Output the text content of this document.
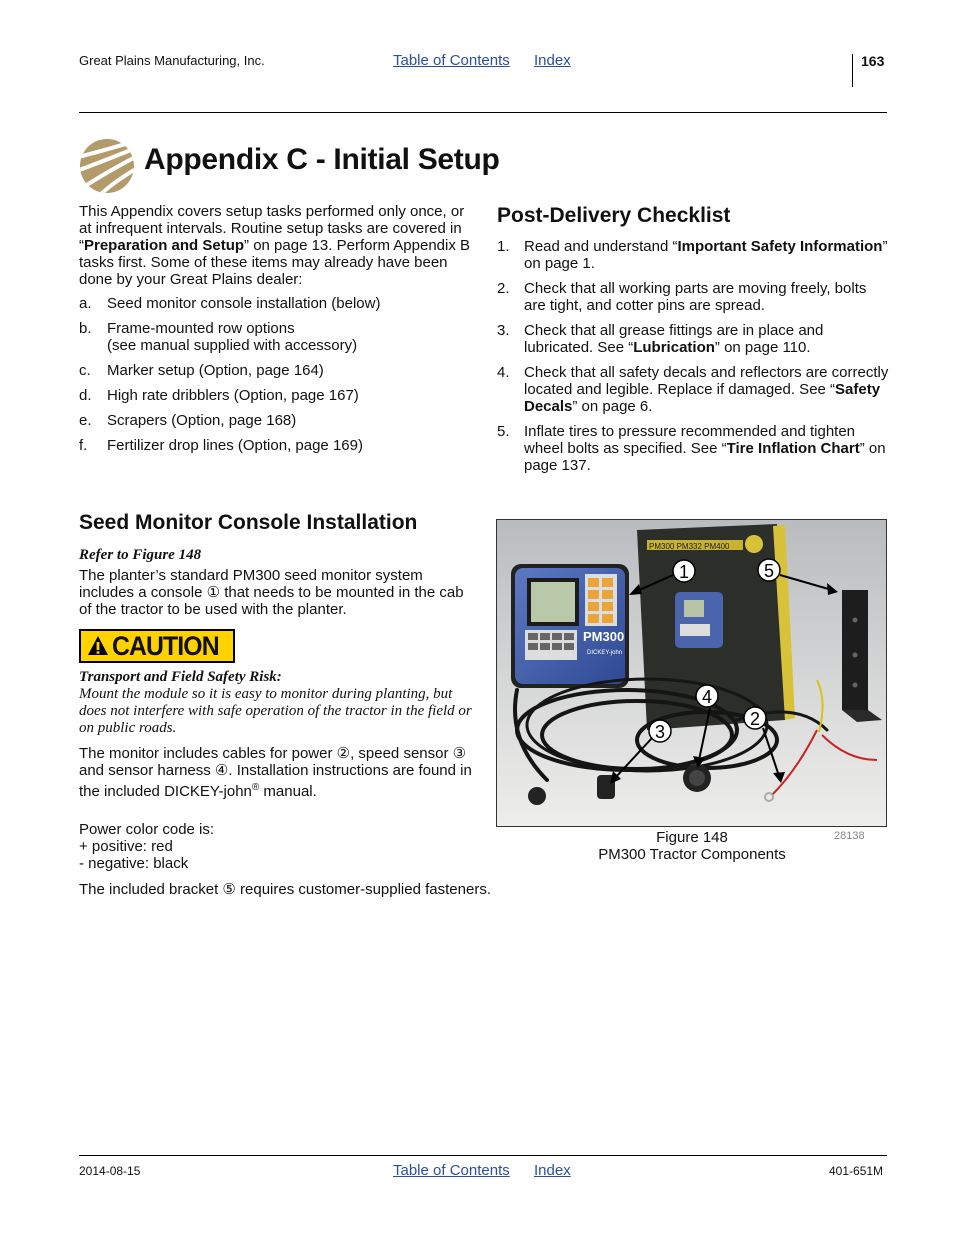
Great Plains Manufacturing, Inc.	Table of Contents Index	163
Appendix C - Initial Setup
This Appendix covers setup tasks performed only once, or at infrequent intervals. Routine setup tasks are covered in “Preparation and Setup” on page 13. Perform Appendix B tasks first. Some of these items may already have been done by your Great Plains dealer:
a. Seed monitor console installation (below)
b. Frame-mounted row options
(see manual supplied with accessory)
c. Marker setup (Option, page 164)
d. High rate dribblers (Option, page 167)
e. Scrapers (Option, page 168)
f. Fertilizer drop lines (Option, page 169)
Post-Delivery Checklist
1. Read and understand “Important Safety Information” on page 1.
2. Check that all working parts are moving freely, bolts are tight, and cotter pins are spread.
3. Check that all grease fittings are in place and lubricated. See “Lubrication” on page 110.
4. Check that all safety decals and reflectors are correctly located and legible. Replace if damaged. See “Safety Decals” on page 6.
5. Inflate tires to pressure recommended and tighten wheel bolts as specified. See “Tire Inflation Chart” on page 137.
Seed Monitor Console Installation
Refer to Figure 148
The planter’s standard PM300 seed monitor system includes a console ① that needs to be mounted in the cab of the tractor to be used with the planter.
CAUTION
Transport and Field Safety Risk:
Mount the module so it is easy to monitor during planting, but does not interfere with safe operation of the tractor in the field or on public roads.
The monitor includes cables for power ②, speed sensor ③ and sensor harness ④. Installation instructions are found in the included DICKEY-john® manual.
Power color code is:
+ positive: red
- negative: black
The included bracket ⑤ requires customer-supplied fasteners.
PM300 PM332 PM400
PM300
DICKEY-john
1	5
4
2
3
Figure 148
PM300 Tractor Components
28138
2014-08-15	Table of Contents Index	401-651M
